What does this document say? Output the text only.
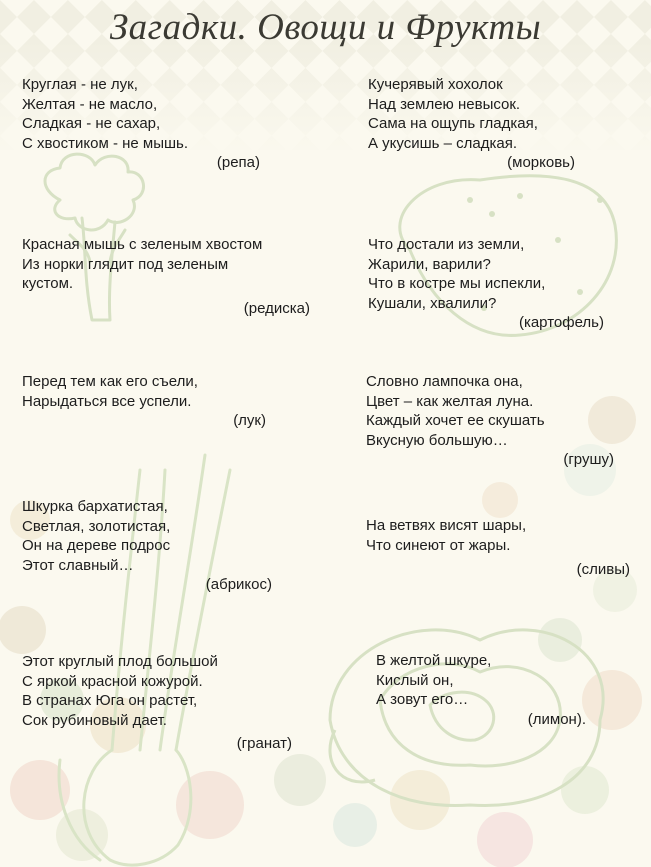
Загадки. Овощи и Фрукты
Круглая - не лук,
Желтая - не масло,
Сладкая - не сахар,
С хвостиком - не мышь.
(репа)
Кучерявый хохолок
Над землею невысок.
Сама на ощупь гладкая,
А укусишь – сладкая.
(морковь)
Красная мышь с зеленым хвостом
Из норки глядит под зеленым
кустом.
(редиска)
Что достали из земли,
Жарили, варили?
Что в костре мы испекли,
Кушали, хвалили?
(картофель)
Перед тем как его съели,
Нарыдаться все успели.
(лук)
Словно лампочка она,
Цвет – как желтая луна.
Каждый хочет ее скушать
Вкусную большую…
(грушу)
Шкурка бархатистая,
Светлая, золотистая,
Он на дереве подрос
Этот славный…
(абрикос)
На ветвях висят шары,
Что синеют от жары.
(сливы)
Этот круглый плод большой
С яркой красной кожурой.
В странах Юга он растет,
Сок рубиновый дает.
(гранат)
В желтой шкуре,
Кислый он,
А зовут его…
(лимон).
